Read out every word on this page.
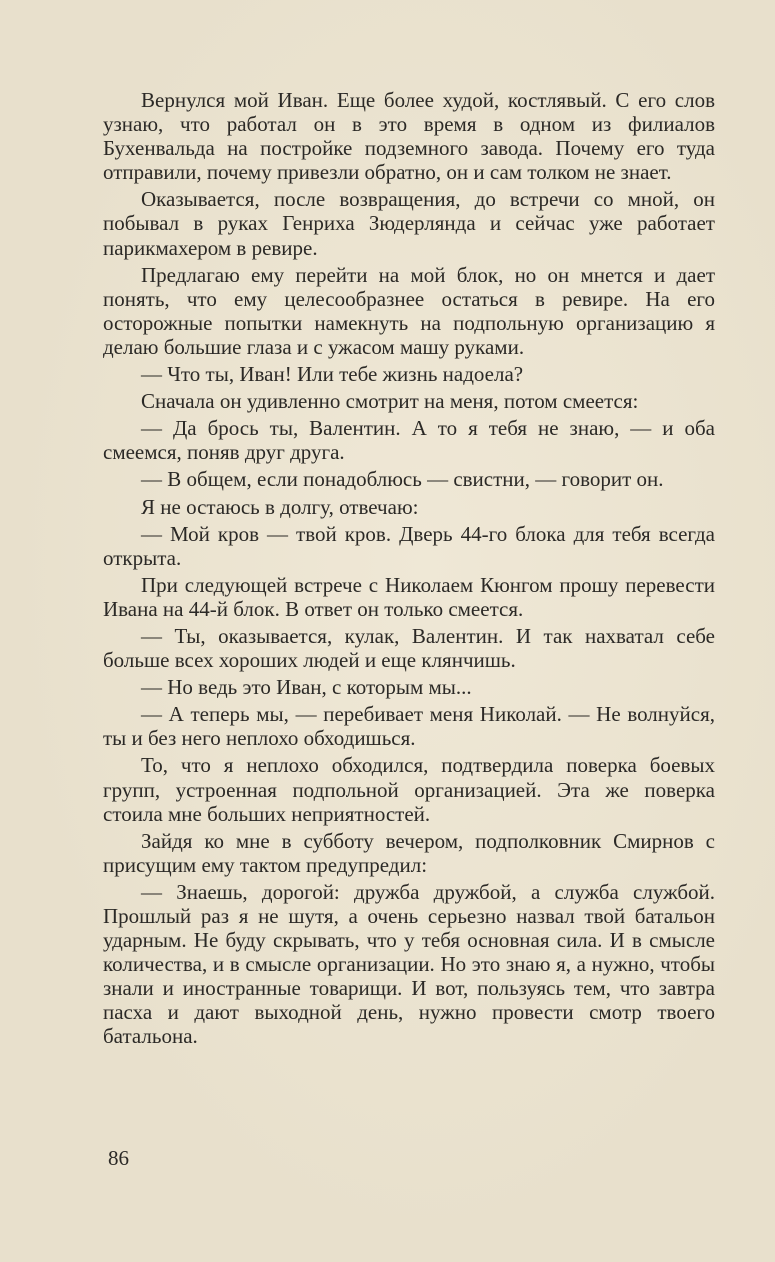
Вернулся мой Иван. Еще более худой, костлявый. С его слов узнаю, что работал он в это время в одном из филиалов Бухенвальда на постройке подземного завода. Почему его туда отправили, почему привезли обратно, он и сам толком не знает.

Оказывается, после возвращения, до встречи со мной, он побывал в руках Генриха Зюдерлянда и сейчас уже работает парикмахером в ревире.

Предлагаю ему перейти на мой блок, но он мнется и дает понять, что ему целесообразнее остаться в ревире. На его осторожные попытки намекнуть на подпольную организацию я делаю большие глаза и с ужасом машу руками.

— Что ты, Иван! Или тебе жизнь надоела?

Сначала он удивленно смотрит на меня, потом смеется:

— Да брось ты, Валентин. А то я тебя не знаю, — и оба смеемся, поняв друг друга.

— В общем, если понадоблюсь — свистни, — говорит он.

Я не остаюсь в долгу, отвечаю:

— Мой кров — твой кров. Дверь 44-го блока для тебя всегда открыта.

При следующей встрече с Николаем Кюнгом прошу перевести Ивана на 44-й блок. В ответ он только смеется.

— Ты, оказывается, кулак, Валентин. И так нахватал себе больше всех хороших людей и еще клянчишь.

— Но ведь это Иван, с которым мы...

— А теперь мы, — перебивает меня Николай. — Не волнуйся, ты и без него неплохо обходишься.

То, что я неплохо обходился, подтвердила поверка боевых групп, устроенная подпольной организацией. Эта же поверка стоила мне больших неприятностей.

Зайдя ко мне в субботу вечером, подполковник Смирнов с присущим ему тактом предупредил:

— Знаешь, дорогой: дружба дружбой, а служба службой. Прошлый раз я не шутя, а очень серьезно назвал твой батальон ударным. Не буду скрывать, что у тебя основная сила. И в смысле количества, и в смысле организации. Но это знаю я, а нужно, чтобы знали и иностранные товарищи. И вот, пользуясь тем, что завтра пасха и дают выходной день, нужно провести смотр твоего батальона.

86
